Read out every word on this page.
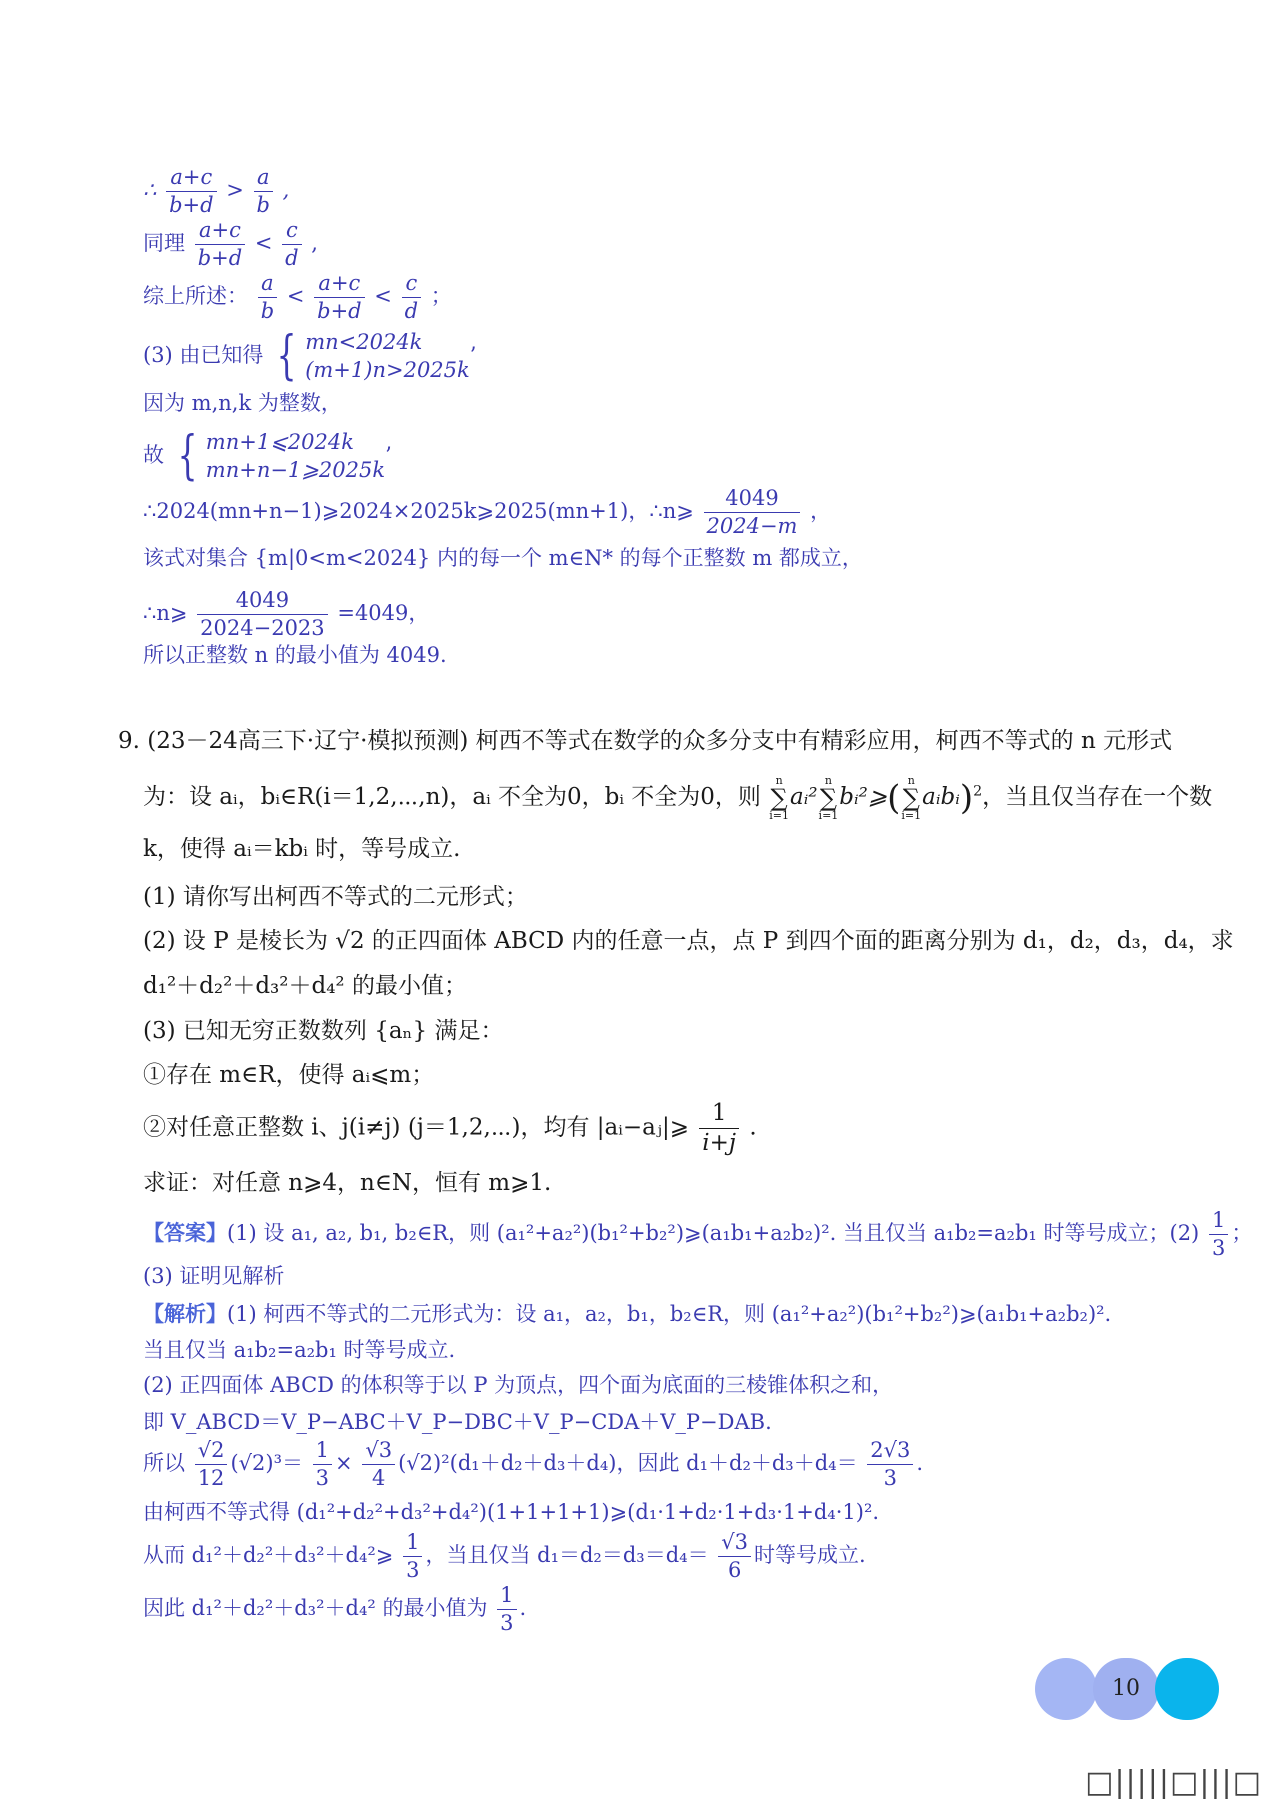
∴ $\frac{a+c}{b+d} > \frac{a}{b}$ ,
同理 $\frac{a+c}{b+d} < \frac{c}{d}$ ,
综上所述： $\frac{a}{b} < \frac{a+c}{b+d} < \frac{c}{d}$ ；
(3) 由已知得 { mn<2024k
(m+1)n>2025k
’
因为 m,n,k 为整数，
故 { mn+1⩽2024k
mn+n−1⩾2025k
’
∴2024(mn+n−1)⩾2024×2025k⩾2025(mn+1)，∴n⩾ $\frac{4049}{2024-m}$ ，
该式对集合 {m|0<m<2024} 内的每一个 m∈N* 的每个正整数 m 都成立，
∴n⩾ $\frac{4049}{2024-2023} =4049$，
所以正整数 n 的最小值为 4049.
9. (23－24高三下·辽宁·模拟预测) 柯西不等式在数学的众多分支中有精彩应用，柯西不等式的 n 元形式
为：设 aᵢ，bᵢ∈R(i＝1,2,⋯,n)，aᵢ 不全为0，bᵢ 不全为0，则
n
∑
i=1
aᵢ²
n
∑
i=1
bᵢ²⩾( n
∑
i=1
aᵢbᵢ)$^2$，当且仅当存在一个数
k，使得 aᵢ＝kbᵢ 时，等号成立.
(1) 请你写出柯西不等式的二元形式；
(2) 设 P 是棱长为 √2 的正四面体 ABCD 内的任意一点，点 P 到四个面的距离分别为 d₁，d₂，d₃，d₄，求
d₁²＋d₂²＋d₃²＋d₄² 的最小值；
(3) 已知无穷正数数列 {aₙ} 满足：
①存在 m∈R，使得 aᵢ⩽m；
②对任意正整数 i、j(i≠j) (j＝1,2,⋯)，均有 |aᵢ−aⱼ|⩾ $\frac{1}{i+j}$ .
求证：对任意 n⩾4，n∈N，恒有 m⩾1.
【答案】(1) 设 a₁, a₂, b₁, b₂∈R，则 (a₁²+a₂²)(b₁²+b₂²)⩾(a₁b₁+a₂b₂)². 当且仅当 a₁b₂=a₂b₁ 时等号成立；$(2) \frac{1}{3}$ ；
(3) 证明见解析
【解析】(1) 柯西不等式的二元形式为：设 a₁，a₂，b₁，b₂∈R，则 (a₁²+a₂²)(b₁²+b₂²)⩾(a₁b₁+a₂b₂)².
当且仅当 a₁b₂=a₂b₁ 时等号成立.
(2) 正四面体 ABCD 的体积等于以 P 为顶点，四个面为底面的三棱锥体积之和，
即 V_ABCD＝V_P−ABC＋V_P−DBC＋V_P−CDA＋V_P−DAB.
所以 $\frac{√2}{12} (√2)^3= \frac{1}{3} \times \frac{√3}{4} (√2)^2(d_1+d_2+d_3+d_4)$，因此 $d_1+d_2+d_3+d_4= \frac{2√3}{3}$ .
由柯西不等式得 (d₁²+d₂²+d₃²+d₄²)(1+1+1+1)⩾(d₁·1+d₂·1+d₃·1+d₄·1)².
从而 d₁²＋d₂²＋d₃²＋d₄²⩾ $\frac{1}{3}$ ，当且仅当 $d_1=d_2=d_3=d_4= \frac{√3}{6}$ 时等号成立.
因此 d₁²＋d₂²＋d₃²＋d₄² 的最小值为 $\frac{1}{3}$ .
10
□|||||□|||□
